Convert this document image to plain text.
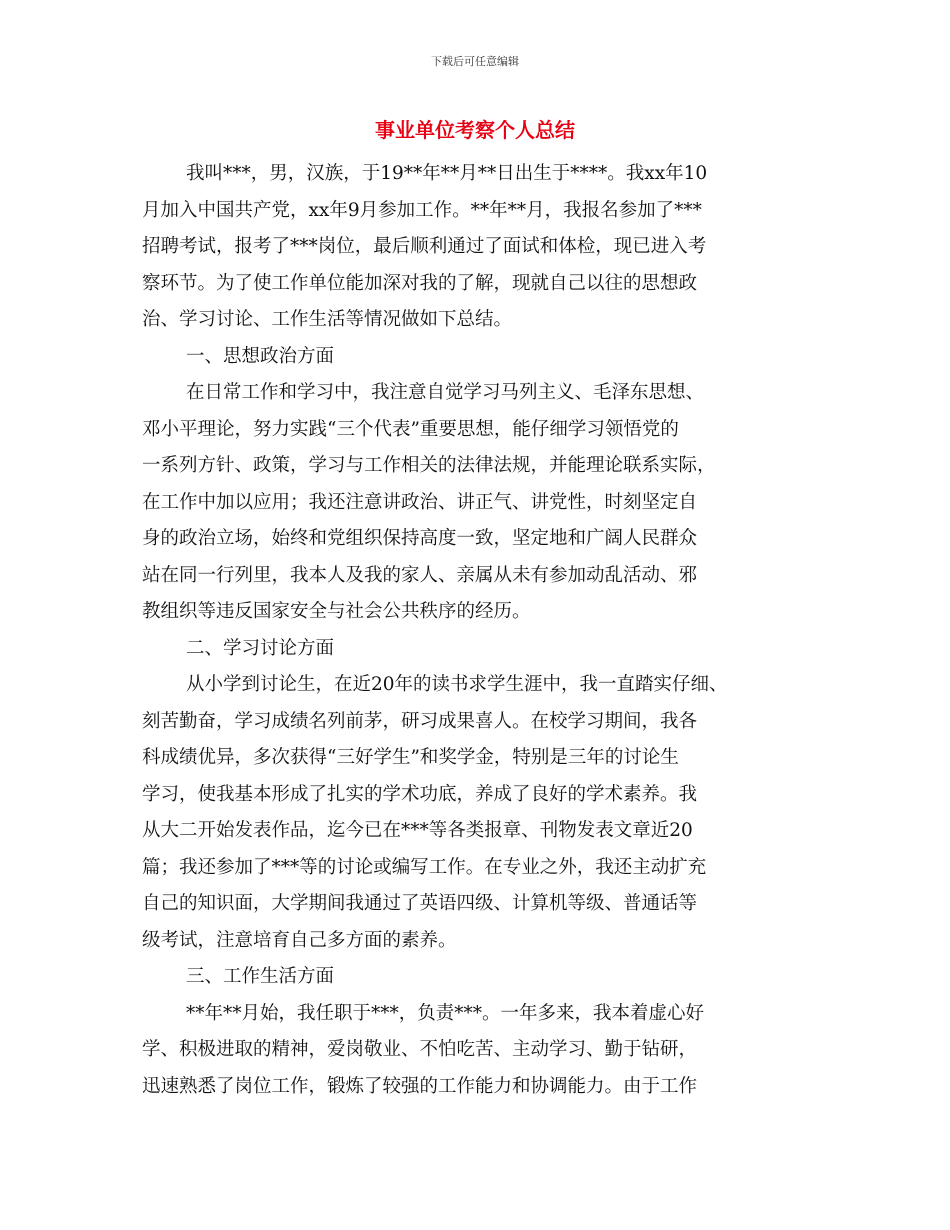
下载后可任意编辑
事业单位考察个人总结
我叫***，男，汉族，于19**年**月**日出生于****。我xx年10
月加入中国共产党，xx年9月参加工作。**年**月，我报名参加了***
招聘考试，报考了***岗位，最后顺利通过了面试和体检，现已进入考
察环节。为了使工作单位能加深对我的了解，现就自己以往的思想政
治、学习讨论、工作生活等情况做如下总结。
一、思想政治方面
在日常工作和学习中，我注意自觉学习马列主义、毛泽东思想、
邓小平理论，努力实践“三个代表”重要思想，能仔细学习领悟党的
一系列方针、政策，学习与工作相关的法律法规，并能理论联系实际，
在工作中加以应用；我还注意讲政治、讲正气、讲党性，时刻坚定自
身的政治立场，始终和党组织保持高度一致，坚定地和广阔人民群众
站在同一行列里，我本人及我的家人、亲属从未有参加动乱活动、邪
教组织等违反国家安全与社会公共秩序的经历。
二、学习讨论方面
从小学到讨论生，在近20年的读书求学生涯中，我一直踏实仔细、
刻苦勤奋，学习成绩名列前茅，研习成果喜人。在校学习期间，我各
科成绩优异，多次获得“三好学生”和奖学金，特别是三年的讨论生
学习，使我基本形成了扎实的学术功底，养成了良好的学术素养。我
从大二开始发表作品，迄今已在***等各类报章、刊物发表文章近20
篇；我还参加了***等的讨论或编写工作。在专业之外，我还主动扩充
自己的知识面，大学期间我通过了英语四级、计算机等级、普通话等
级考试，注意培育自己多方面的素养。
三、工作生活方面
**年**月始，我任职于***，负责***。一年多来，我本着虚心好
学、积极进取的精神，爱岗敬业、不怕吃苦、主动学习、勤于钻研，
迅速熟悉了岗位工作，锻炼了较强的工作能力和协调能力。由于工作
